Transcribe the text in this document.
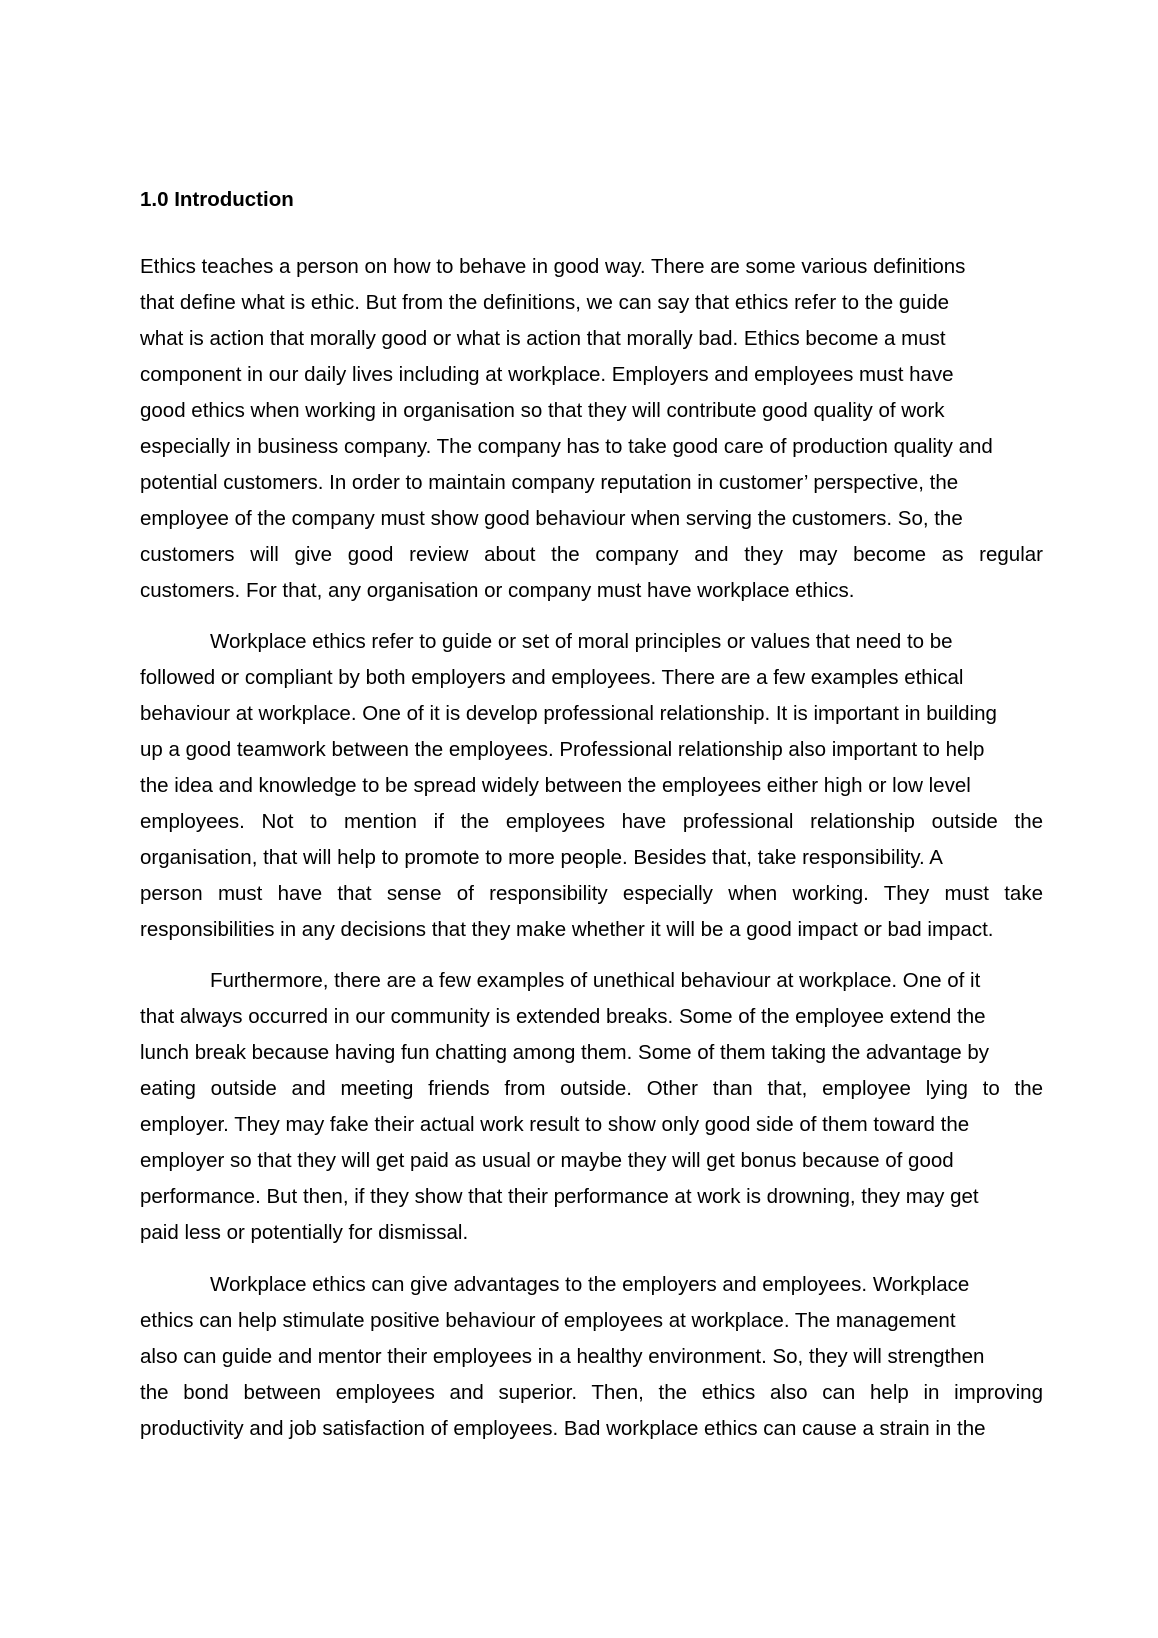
1.0 Introduction
Ethics teaches a person on how to behave in good way. There are some various definitions
that define what is ethic. But from the definitions, we can say that ethics refer to the guide
what is action that morally good or what is action that morally bad. Ethics become a must
component in our daily lives including at workplace. Employers and employees must have
good ethics when working in organisation so that they will contribute good quality of work
especially in business company. The company has to take good care of production quality and
potential customers. In order to maintain company reputation in customer’ perspective, the
employee of the company must show good behaviour when serving the customers. So, the
customers will give good review about the company and they may become as regular
customers. For that, any organisation or company must have workplace ethics.
Workplace ethics refer to guide or set of moral principles or values that need to be
followed or compliant by both employers and employees. There are a few examples ethical
behaviour at workplace. One of it is develop professional relationship. It is important in building
up a good teamwork between the employees. Professional relationship also important to help
the idea and knowledge to be spread widely between the employees either high or low level
employees. Not to mention if the employees have professional relationship outside the
organisation, that will help to promote to more people. Besides that, take responsibility. A
person must have that sense of responsibility especially when working. They must take
responsibilities in any decisions that they make whether it will be a good impact or bad impact.
Furthermore, there are a few examples of unethical behaviour at workplace. One of it
that always occurred in our community is extended breaks. Some of the employee extend the
lunch break because having fun chatting among them. Some of them taking the advantage by
eating outside and meeting friends from outside. Other than that, employee lying to the
employer. They may fake their actual work result to show only good side of them toward the
employer so that they will get paid as usual or maybe they will get bonus because of good
performance. But then, if they show that their performance at work is drowning, they may get
paid less or potentially for dismissal.
Workplace ethics can give advantages to the employers and employees. Workplace
ethics can help stimulate positive behaviour of employees at workplace. The management
also can guide and mentor their employees in a healthy environment. So, they will strengthen
the bond between employees and superior. Then, the ethics also can help in improving
productivity and job satisfaction of employees. Bad workplace ethics can cause a strain in the
